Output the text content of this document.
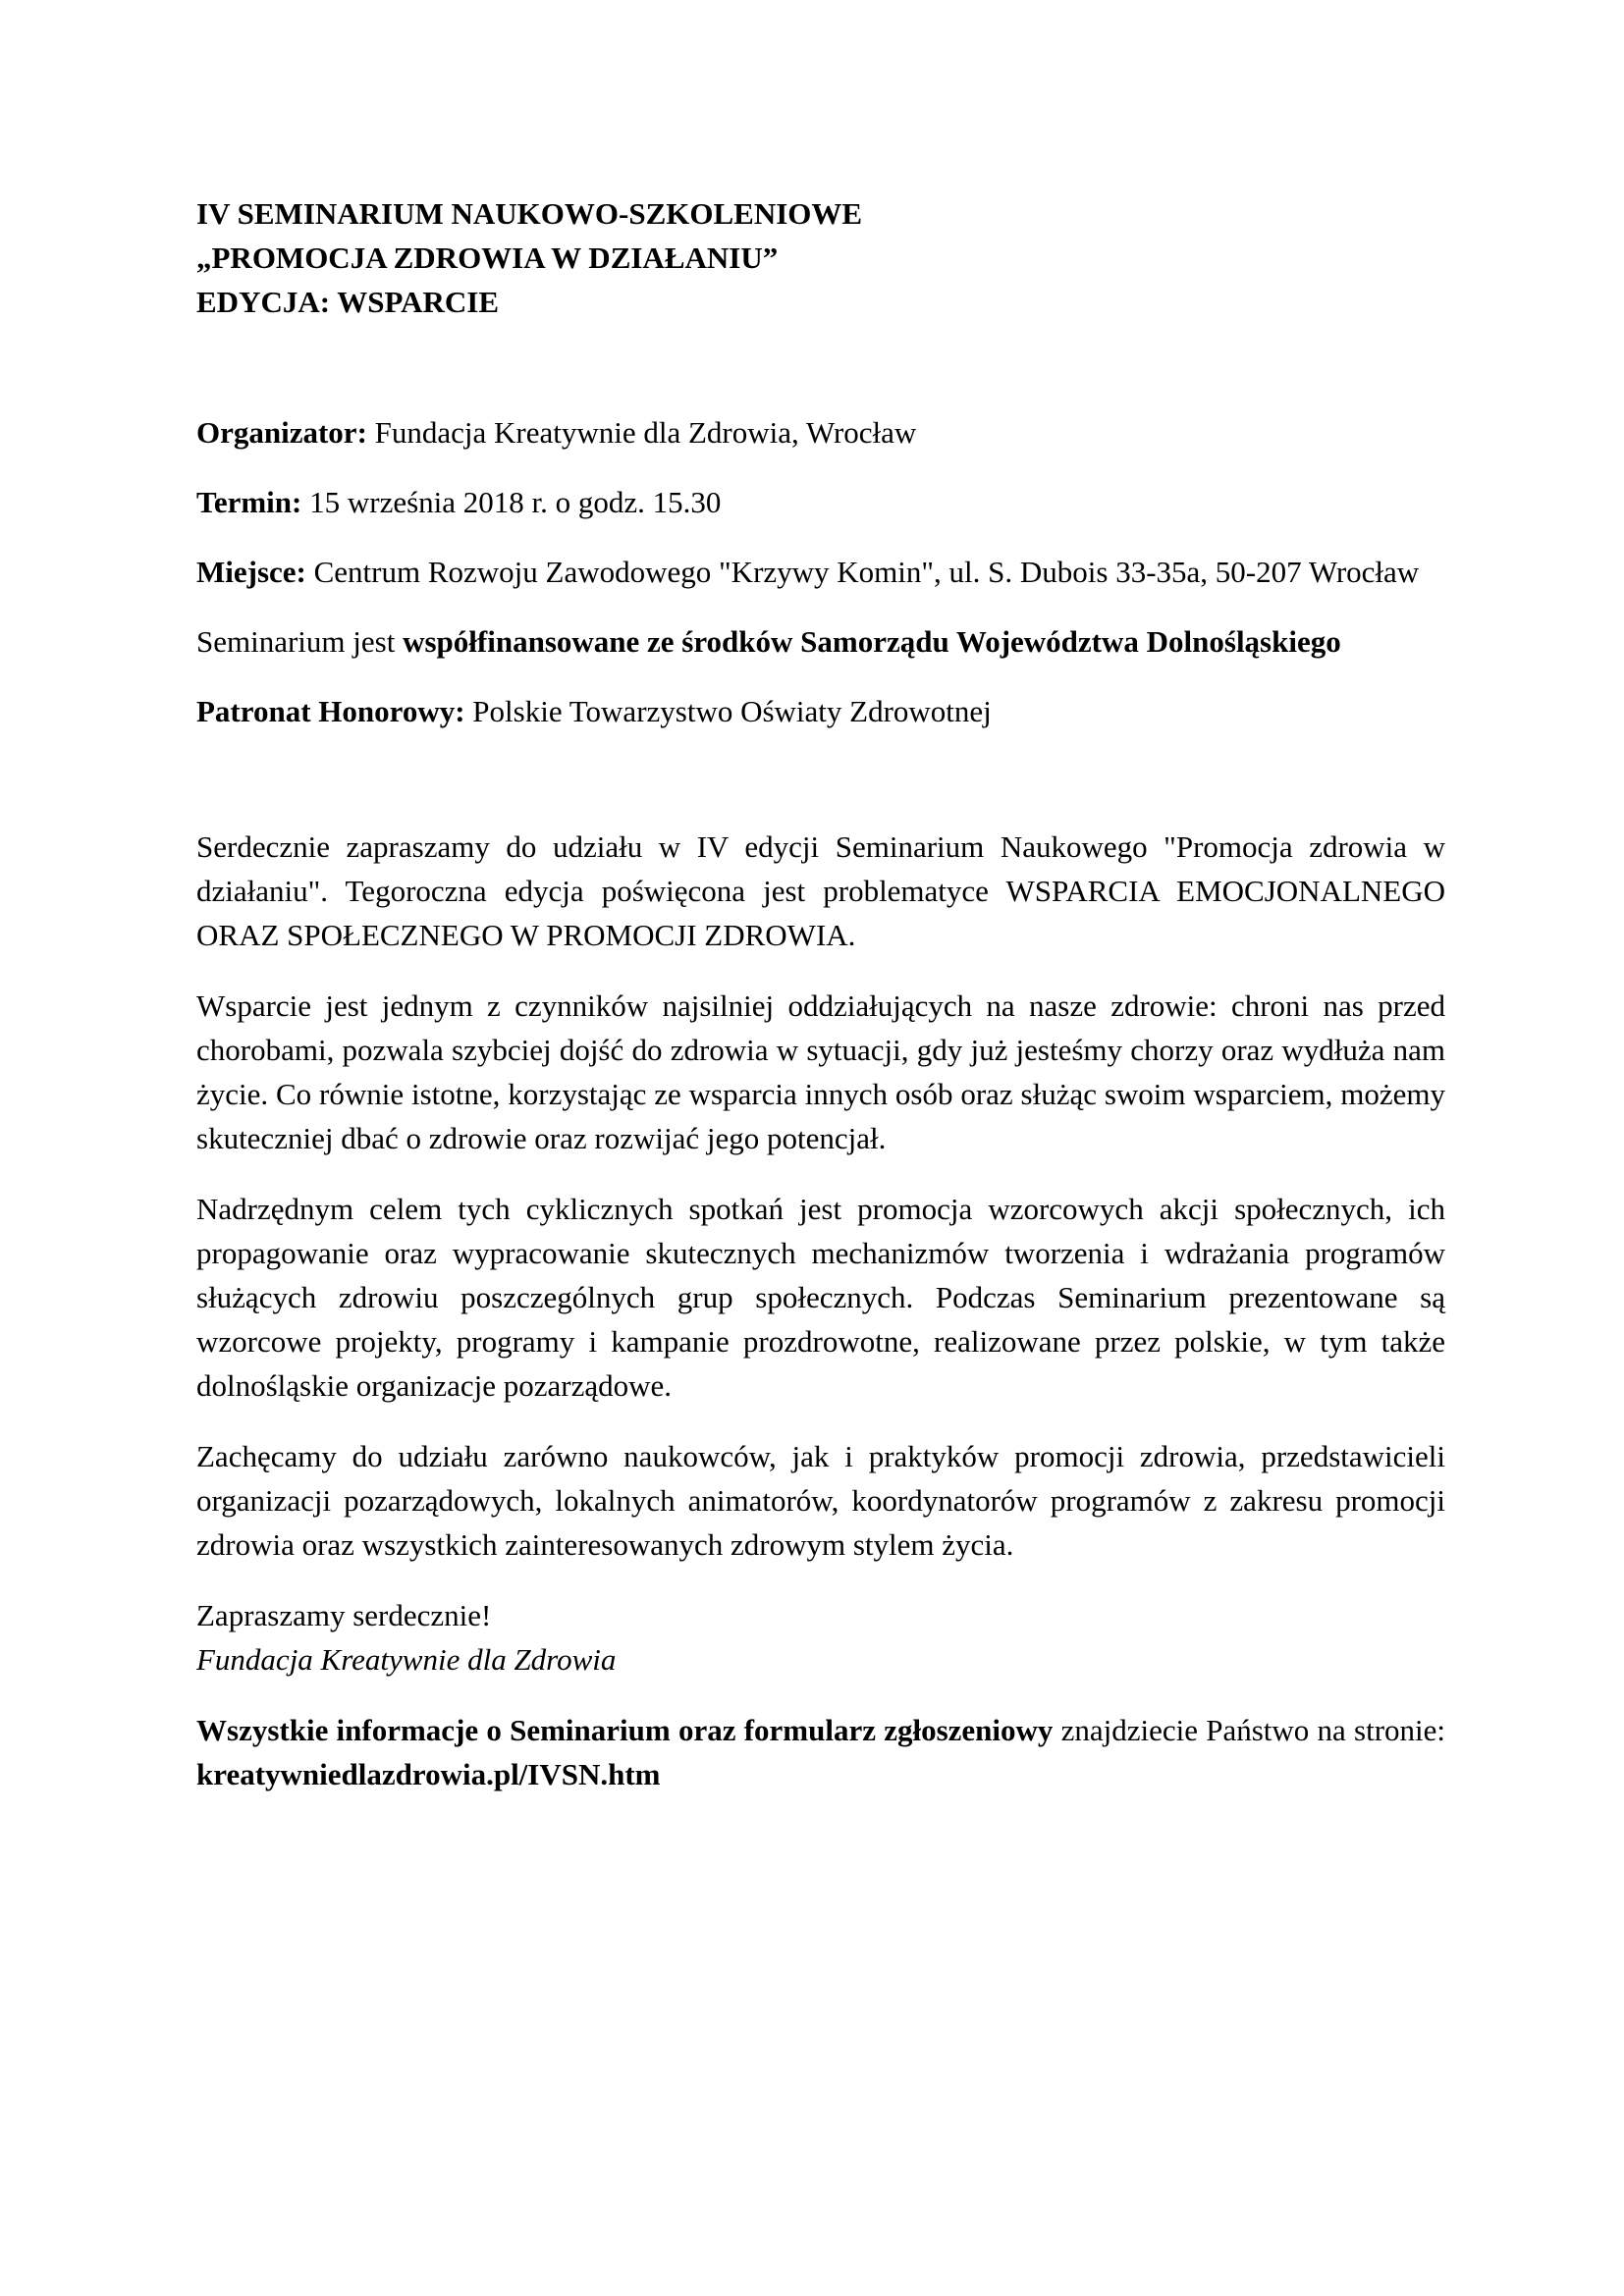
IV SEMINARIUM NAUKOWO-SZKOLENIOWE
„PROMOCJA ZDROWIA W DZIAŁANIU”
EDYCJA: WSPARCIE

Organizator: Fundacja Kreatywnie dla Zdrowia, Wrocław

Termin: 15 września 2018 r. o godz. 15.30

Miejsce: Centrum Rozwoju Zawodowego "Krzywy Komin", ul. S. Dubois 33-35a, 50-207 Wrocław

Seminarium jest współfinansowane ze środków Samorządu Województwa Dolnośląskiego

Patronat Honorowy: Polskie Towarzystwo Oświaty Zdrowotnej

Serdecznie zapraszamy do udziału w IV edycji Seminarium Naukowego "Promocja zdrowia w działaniu". Tegoroczna edycja poświęcona jest problematyce WSPARCIA EMOCJONALNEGO ORAZ SPOŁECZNEGO W PROMOCJI ZDROWIA.

Wsparcie jest jednym z czynników najsilniej oddziałujących na nasze zdrowie: chroni nas przed chorobami, pozwala szybciej dojść do zdrowia w sytuacji, gdy już jesteśmy chorzy oraz wydłuża nam życie. Co równie istotne, korzystając ze wsparcia innych osób oraz służąc swoim wsparciem, możemy skuteczniej dbać o zdrowie oraz rozwijać jego potencjał.

Nadrzędnym celem tych cyklicznych spotkań jest promocja wzorcowych akcji społecznych, ich propagowanie oraz wypracowanie skutecznych mechanizmów tworzenia i wdrażania programów służących zdrowiu poszczególnych grup społecznych. Podczas Seminarium prezentowane są wzorcowe projekty, programy i kampanie prozdrowotne, realizowane przez polskie, w tym także dolnośląskie organizacje pozarządowe.

Zachęcamy do udziału zarówno naukowców, jak i praktyków promocji zdrowia, przedstawicieli organizacji pozarządowych, lokalnych animatorów, koordynatorów programów z zakresu promocji zdrowia oraz wszystkich zainteresowanych zdrowym stylem życia.

Zapraszamy serdecznie!
Fundacja Kreatywnie dla Zdrowia

Wszystkie informacje o Seminarium oraz formularz zgłoszeniowy znajdziecie Państwo na stronie: kreatywniedlazdrowia.pl/IVSN.htm
